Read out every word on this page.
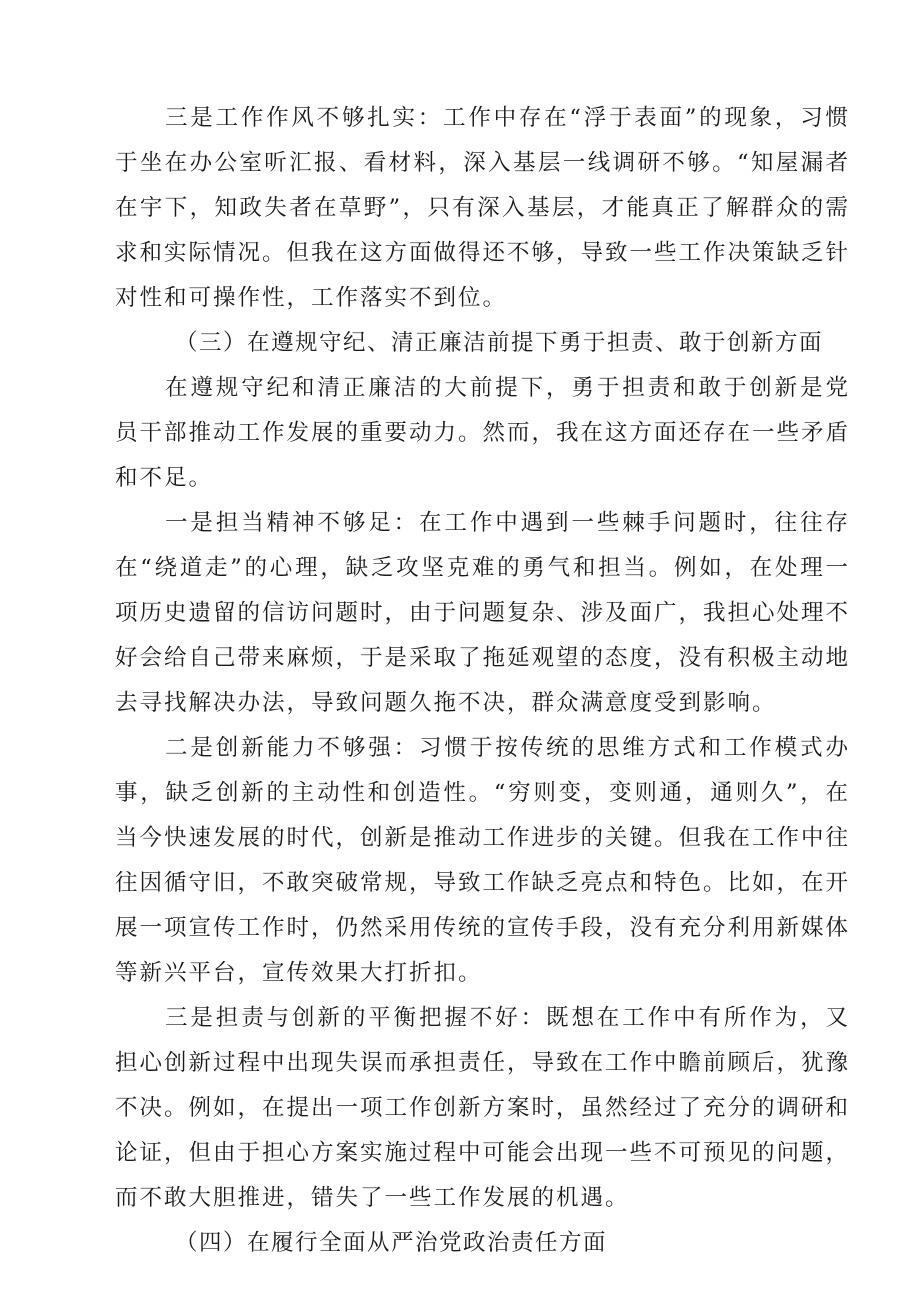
三是工作作风不够扎实：工作中存在“浮于表面”的现象，习惯于坐在办公室听汇报、看材料，深入基层一线调研不够。“知屋漏者在宇下，知政失者在草野”，只有深入基层，才能真正了解群众的需求和实际情况。但我在这方面做得还不够，导致一些工作决策缺乏针对性和可操作性，工作落实不到位。

（三）在遵规守纪、清正廉洁前提下勇于担责、敢于创新方面

在遵规守纪和清正廉洁的大前提下，勇于担责和敢于创新是党员干部推动工作发展的重要动力。然而，我在这方面还存在一些矛盾和不足。

一是担当精神不够足：在工作中遇到一些棘手问题时，往往存在“绕道走”的心理，缺乏攻坚克难的勇气和担当。例如，在处理一项历史遗留的信访问题时，由于问题复杂、涉及面广，我担心处理不好会给自己带来麻烦，于是采取了拖延观望的态度，没有积极主动地去寻找解决办法，导致问题久拖不决，群众满意度受到影响。

二是创新能力不够强：习惯于按传统的思维方式和工作模式办事，缺乏创新的主动性和创造性。“穷则变，变则通，通则久”，在当今快速发展的时代，创新是推动工作进步的关键。但我在工作中往往因循守旧，不敢突破常规，导致工作缺乏亮点和特色。比如，在开展一项宣传工作时，仍然采用传统的宣传手段，没有充分利用新媒体等新兴平台，宣传效果大打折扣。

三是担责与创新的平衡把握不好：既想在工作中有所作为，又担心创新过程中出现失误而承担责任，导致在工作中瞻前顾后，犹豫不决。例如，在提出一项工作创新方案时，虽然经过了充分的调研和论证，但由于担心方案实施过程中可能会出现一些不可预见的问题，而不敢大胆推进，错失了一些工作发展的机遇。

（四）在履行全面从严治党政治责任方面
